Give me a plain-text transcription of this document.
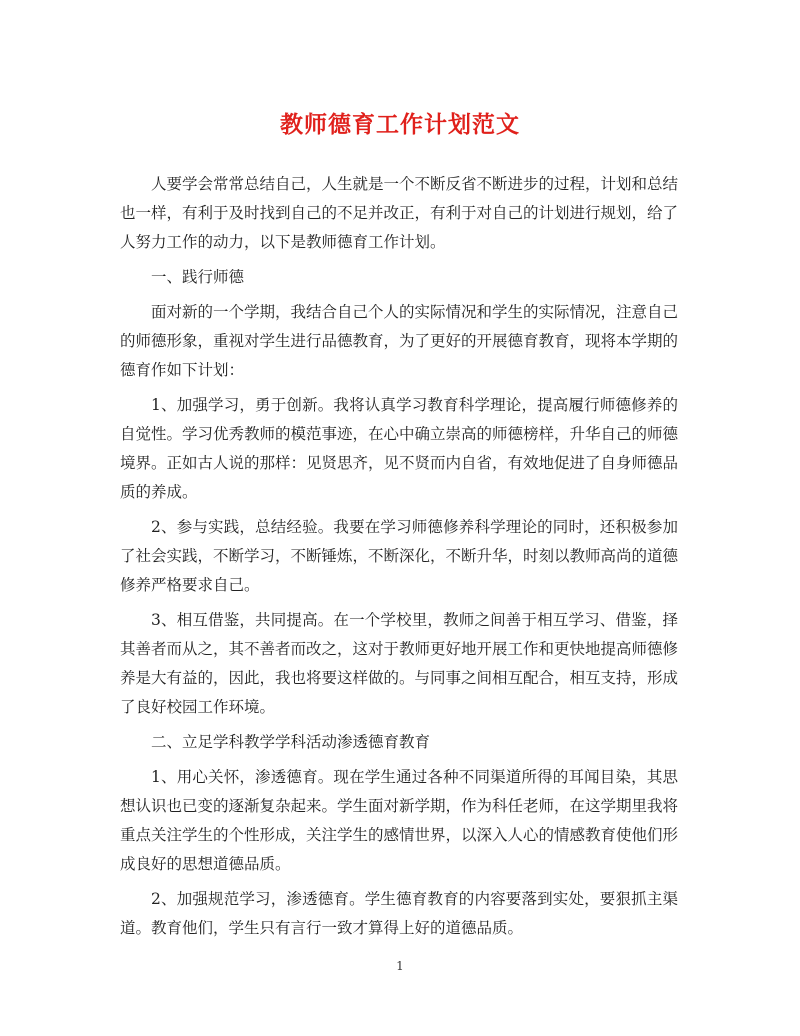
教师德育工作计划范文

人要学会常常总结自己，人生就是一个不断反省不断进步的过程，计划和总结也一样，有利于及时找到自己的不足并改正，有利于对自己的计划进行规划，给了人努力工作的动力，以下是教师德育工作计划。

一、践行师德

面对新的一个学期，我结合自己个人的实际情况和学生的实际情况，注意自己的师德形象，重视对学生进行品德教育，为了更好的开展德育教育，现将本学期的德育作如下计划：

1、加强学习，勇于创新。我将认真学习教育科学理论，提高履行师德修养的自觉性。学习优秀教师的模范事迹，在心中确立崇高的师德榜样，升华自己的师德境界。正如古人说的那样：见贤思齐，见不贤而内自省，有效地促进了自身师德品质的养成。

2、参与实践，总结经验。我要在学习师德修养科学理论的同时，还积极参加了社会实践，不断学习，不断锤炼，不断深化，不断升华，时刻以教师高尚的道德修养严格要求自己。

3、相互借鉴，共同提高。在一个学校里，教师之间善于相互学习、借鉴，择其善者而从之，其不善者而改之，这对于教师更好地开展工作和更快地提高师德修养是大有益的，因此，我也将要这样做的。与同事之间相互配合，相互支持，形成了良好校园工作环境。

二、立足学科教学学科活动渗透德育教育

1、用心关怀，渗透德育。现在学生通过各种不同渠道所得的耳闻目染，其思想认识也已变的逐渐复杂起来。学生面对新学期，作为科任老师，在这学期里我将重点关注学生的个性形成，关注学生的感情世界，以深入人心的情感教育使他们形成良好的思想道德品质。

2、加强规范学习，渗透德育。学生德育教育的内容要落到实处，要狠抓主渠道。教育他们，学生只有言行一致才算得上好的道德品质。

1
